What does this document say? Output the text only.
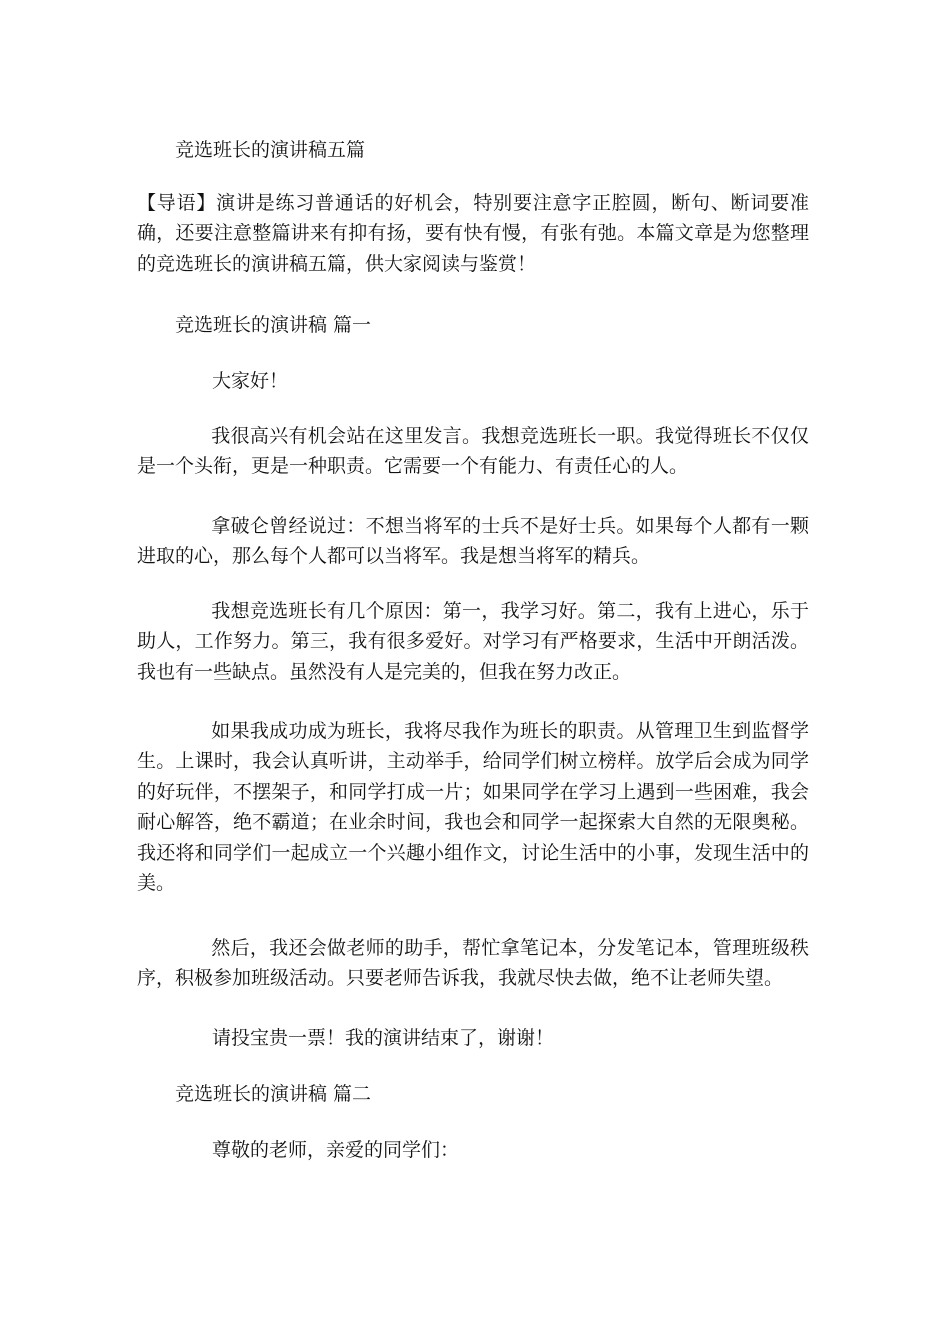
竞选班长的演讲稿五篇

【导语】演讲是练习普通话的好机会，特别要注意字正腔圆，断句、断词要准确，还要注意整篇讲来有抑有扬，要有快有慢，有张有弛。本篇文章是为您整理的竞选班长的演讲稿五篇，供大家阅读与鉴赏！

竞选班长的演讲稿 篇一

大家好！

我很高兴有机会站在这里发言。我想竞选班长一职。我觉得班长不仅仅是一个头衔，更是一种职责。它需要一个有能力、有责任心的人。

拿破仑曾经说过：不想当将军的士兵不是好士兵。如果每个人都有一颗进取的心，那么每个人都可以当将军。我是想当将军的精兵。

我想竞选班长有几个原因：第一，我学习好。第二，我有上进心，乐于助人，工作努力。第三，我有很多爱好。对学习有严格要求，生活中开朗活泼。我也有一些缺点。虽然没有人是完美的，但我在努力改正。

如果我成功成为班长，我将尽我作为班长的职责。从管理卫生到监督学生。上课时，我会认真听讲，主动举手，给同学们树立榜样。放学后会成为同学的好玩伴，不摆架子，和同学打成一片；如果同学在学习上遇到一些困难，我会耐心解答，绝不霸道；在业余时间，我也会和同学一起探索大自然的无限奥秘。我还将和同学们一起成立一个兴趣小组作文，讨论生活中的小事，发现生活中的美。

然后，我还会做老师的助手，帮忙拿笔记本，分发笔记本，管理班级秩序，积极参加班级活动。只要老师告诉我，我就尽快去做，绝不让老师失望。

请投宝贵一票！我的演讲结束了，谢谢！

竞选班长的演讲稿 篇二

尊敬的老师，亲爱的同学们：
